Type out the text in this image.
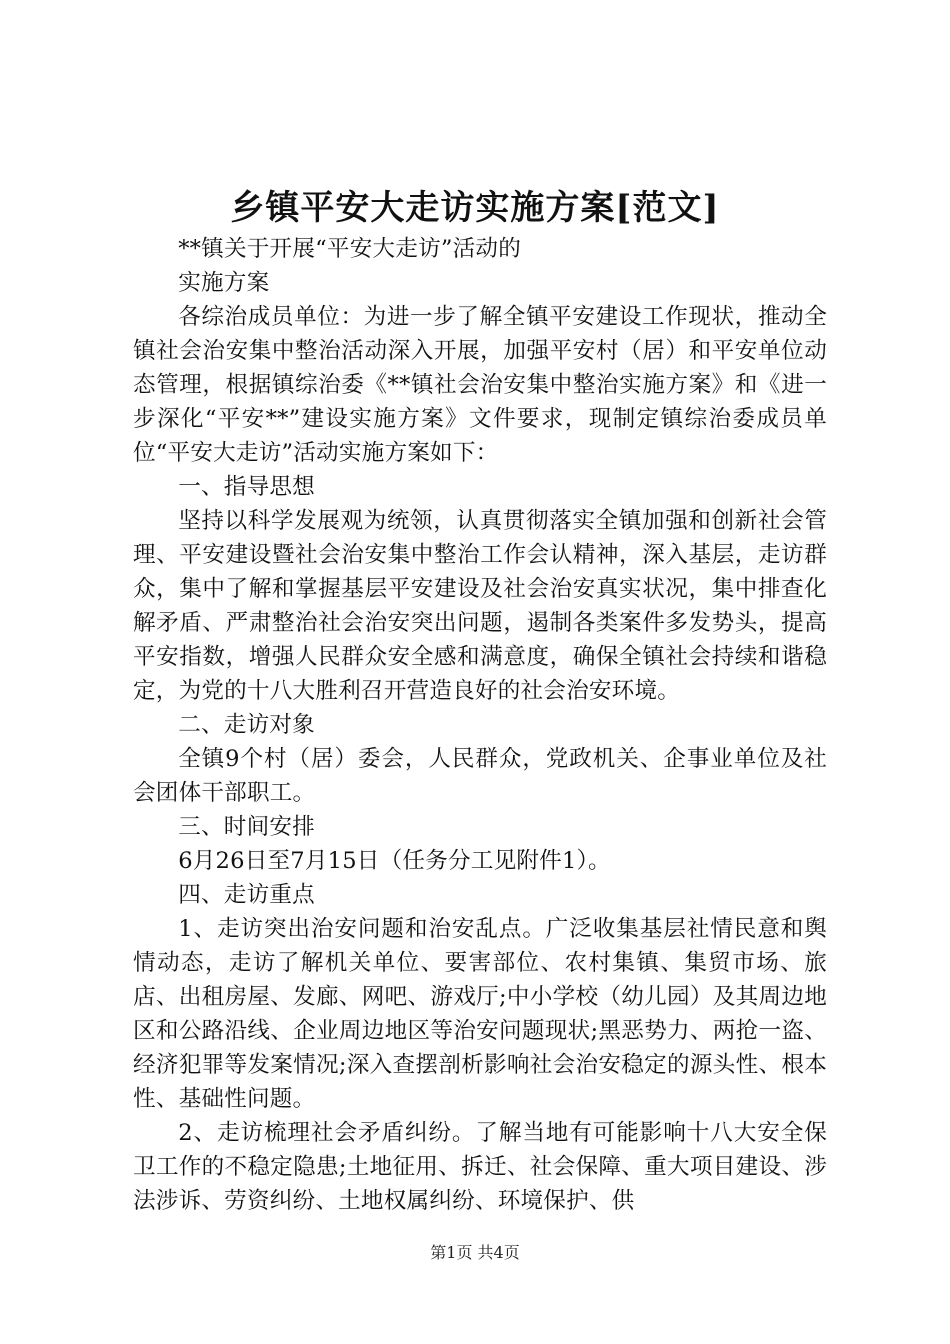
乡镇平安大走访实施方案[范文]

**镇关于开展“平安大走访”活动的

实施方案

各综治成员单位：为进一步了解全镇平安建设工作现状，推动全镇社会治安集中整治活动深入开展，加强平安村（居）和平安单位动态管理，根据镇综治委《**镇社会治安集中整治实施方案》和《进一步深化“平安**”建设实施方案》文件要求，现制定镇综治委成员单位“平安大走访”活动实施方案如下：

一、指导思想

坚持以科学发展观为统领，认真贯彻落实全镇加强和创新社会管理、平安建设暨社会治安集中整治工作会认精神，深入基层，走访群众，集中了解和掌握基层平安建设及社会治安真实状况，集中排查化解矛盾、严肃整治社会治安突出问题，遏制各类案件多发势头，提高平安指数，增强人民群众安全感和满意度，确保全镇社会持续和谐稳定，为党的十八大胜利召开营造良好的社会治安环境。

二、走访对象

全镇9个村（居）委会，人民群众，党政机关、企事业单位及社会团体干部职工。

三、时间安排

6月26日至7月15日（任务分工见附件1）。

四、走访重点

1、走访突出治安问题和治安乱点。广泛收集基层社情民意和舆情动态，走访了解机关单位、要害部位、农村集镇、集贸市场、旅店、出租房屋、发廊、网吧、游戏厅;中小学校（幼儿园）及其周边地区和公路沿线、企业周边地区等治安问题现状;黑恶势力、两抢一盗、经济犯罪等发案情况;深入查摆剖析影响社会治安稳定的源头性、根本性、基础性问题。

2、走访梳理社会矛盾纠纷。了解当地有可能影响十八大安全保卫工作的不稳定隐患;土地征用、拆迁、社会保障、重大项目建设、涉法涉诉、劳资纠纷、土地权属纠纷、环境保护、供

第1页 共4页
